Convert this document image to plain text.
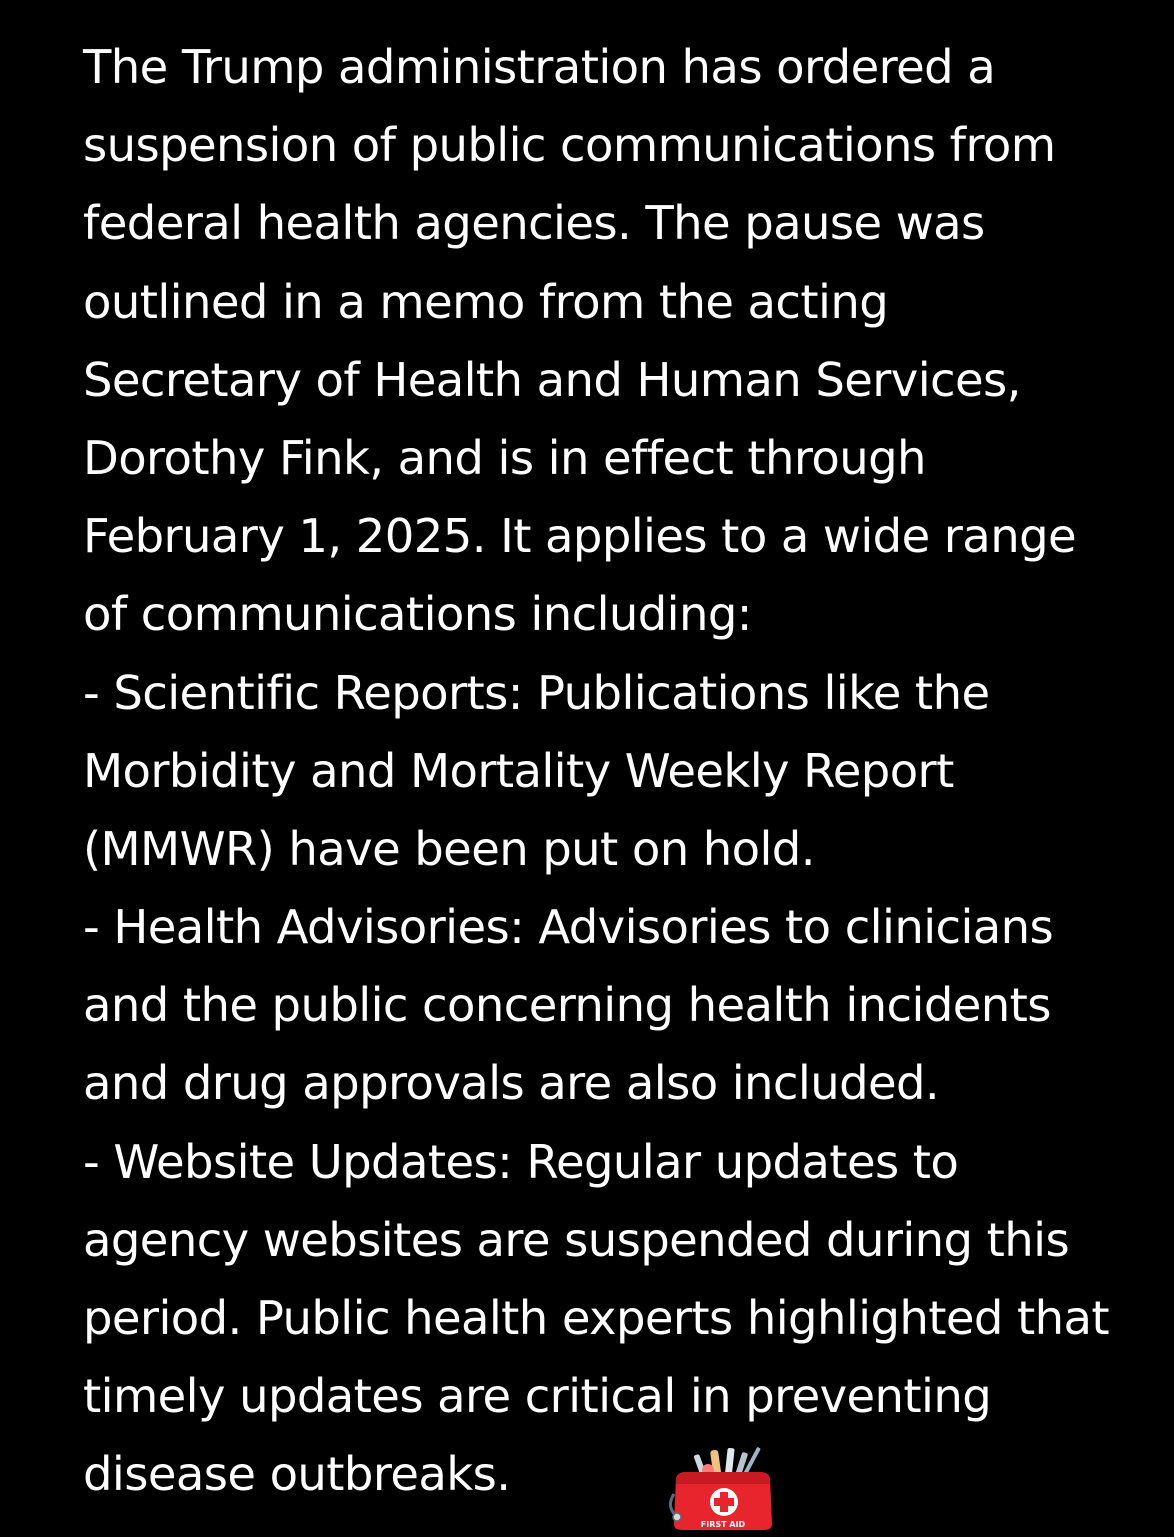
The Trump administration has ordered a
suspension of public communications from
federal health agencies. The pause was
outlined in a memo from the acting
Secretary of Health and Human Services,
Dorothy Fink, and is in effect through
February 1, 2025. It applies to a wide range
of communications including:
- Scientific Reports: Publications like the
Morbidity and Mortality Weekly Report
(MMWR) have been put on hold.
- Health Advisories: Advisories to clinicians
and the public concerning health incidents
and drug approvals are also included.
- Website Updates: Regular updates to
agency websites are suspended during this
period. Public health experts highlighted that
timely updates are critical in preventing
disease outbreaks.
FIRST AID
